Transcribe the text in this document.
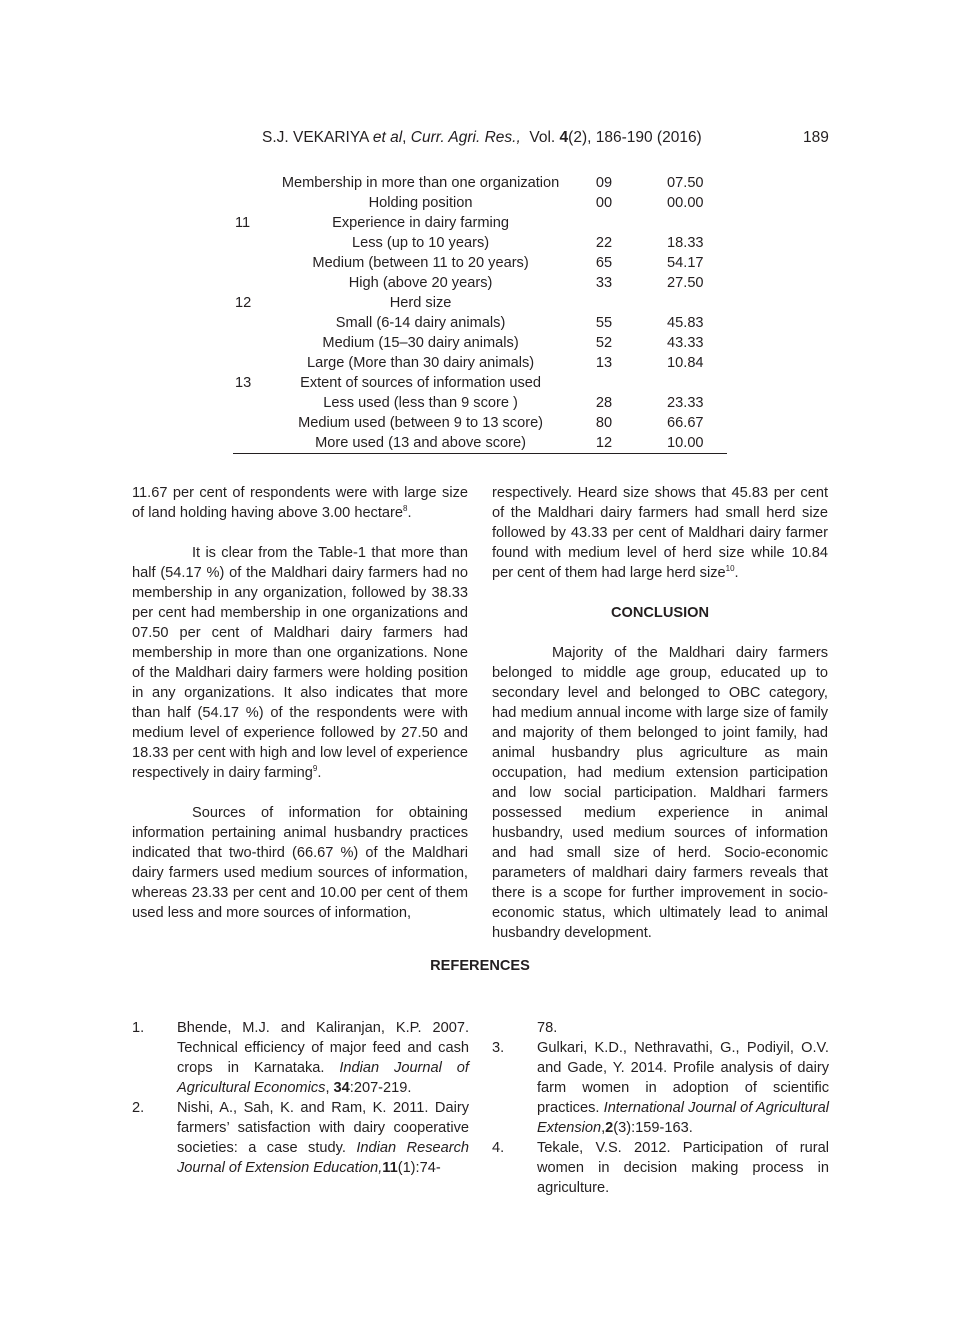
S.J. VEKARIYA et al, Curr. Agri. Res., Vol. 4(2), 186-190 (2016)	189
	Membership in more than one organization	09	07.50
	Holding position	00	00.00
11	Experience in dairy farming		
	Less (up to 10 years)	22	18.33
	Medium (between 11 to 20 years)	65	54.17
	High (above 20 years)	33	27.50
12	Herd size		
	Small (6-14 dairy animals)	55	45.83
	Medium (15–30 dairy animals)	52	43.33
	Large (More than 30 dairy animals)	13	10.84
13	Extent of sources of information used		
	Less used (less than 9 score )	28	23.33
	Medium used (between 9 to 13 score)	80	66.67
	More used (13 and above score)	12	10.00

11.67 per cent of respondents were with large size of land holding having above 3.00 hectare$^8$.

It is clear from the Table-1 that more than half (54.17 %) of the Maldhari dairy farmers had no membership in any organization, followed by 38.33 per cent had membership in one organizations and 07.50 per cent of Maldhari dairy farmers had membership in more than one organizations. None of the Maldhari dairy farmers were holding position in any organizations. It also indicates that more than half (54.17 %) of the respondents were with medium level of experience followed by 27.50 and 18.33 per cent with high and low level of experience respectively in dairy farming$^9$.

Sources of information for obtaining information pertaining animal husbandry practices indicated that two-third (66.67 %) of the Maldhari dairy farmers used medium sources of information, whereas 23.33 per cent and 10.00 per cent of them used less and more sources of information,

respectively. Heard size shows that 45.83 per cent of the Maldhari dairy farmers had small herd size followed by 43.33 per cent of Maldhari dairy farmer found with medium level of herd size while 10.84 per cent of them had large herd size$^{10}$.

CONCLUSION

Majority of the Maldhari dairy farmers belonged to middle age group, educated up to secondary level and belonged to OBC category, had medium annual income with large size of family and majority of them belonged to joint family, had animal husbandry plus agriculture as main occupation, had medium extension participation and low social participation. Maldhari farmers possessed medium experience in animal husbandry, used medium sources of information and had small size of herd. Socio-economic parameters of maldhari dairy farmers reveals that there is a scope for further improvement in socio-economic status, which ultimately lead to animal husbandry development.

REFERENCES
1.	Bhende, M.J. and Kaliranjan, K.P. 2007. Technical efficiency of major feed and cash crops in Karnataka. Indian Journal of Agricultural Economics, 34:207-219.
2.	Nishi, A., Sah, K. and Ram, K. 2011. Dairy farmers’ satisfaction with dairy cooperative societies: a case study. Indian Research Journal of Extension Education,11(1):74-
78.
3.	Gulkari, K.D., Nethravathi, G., Podiyil, O.V. and Gade, Y. 2014. Profile analysis of dairy farm women in adoption of scientific practices. International Journal of Agricultural Extension,2(3):159-163.
4.	Tekale, V.S. 2012. Participation of rural women in decision making process in agriculture.
